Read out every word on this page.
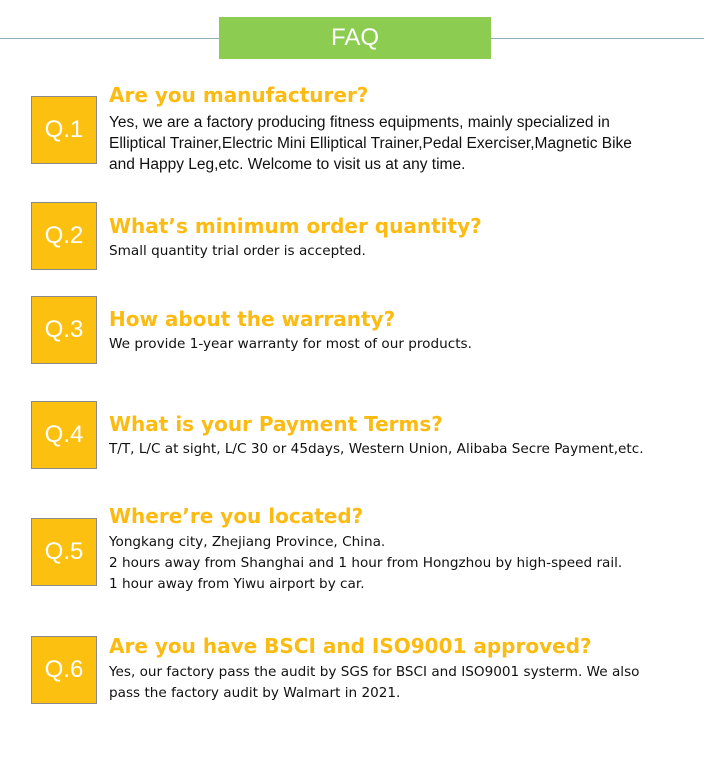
FAQ
Q.1
Are you manufacturer?
Yes, we are a factory producing fitness equipments, mainly specialized in
Elliptical Trainer,Electric Mini Elliptical Trainer,Pedal Exerciser,Magnetic Bike
and Happy Leg,etc. Welcome to visit us at any time.
Q.2	What’s minimum order quantity?
Small quantity trial order is accepted.
Q.3	How about the warranty?
We provide 1-year warranty for most of our products.
Q.4	What is your Payment Terms?
T/T, L/C at sight, L/C 30 or 45days, Western Union, Alibaba Secre Payment,etc.
Q.5
Where’re you located?
Yongkang city, Zhejiang Province, China.
2 hours away from Shanghai and 1 hour from Hongzhou by high-speed rail.
1 hour away from Yiwu airport by car.
Q.6
Are you have BSCI and ISO9001 approved?
Yes, our factory pass the audit by SGS for BSCI and ISO9001 systerm. We also
pass the factory audit by Walmart in 2021.
